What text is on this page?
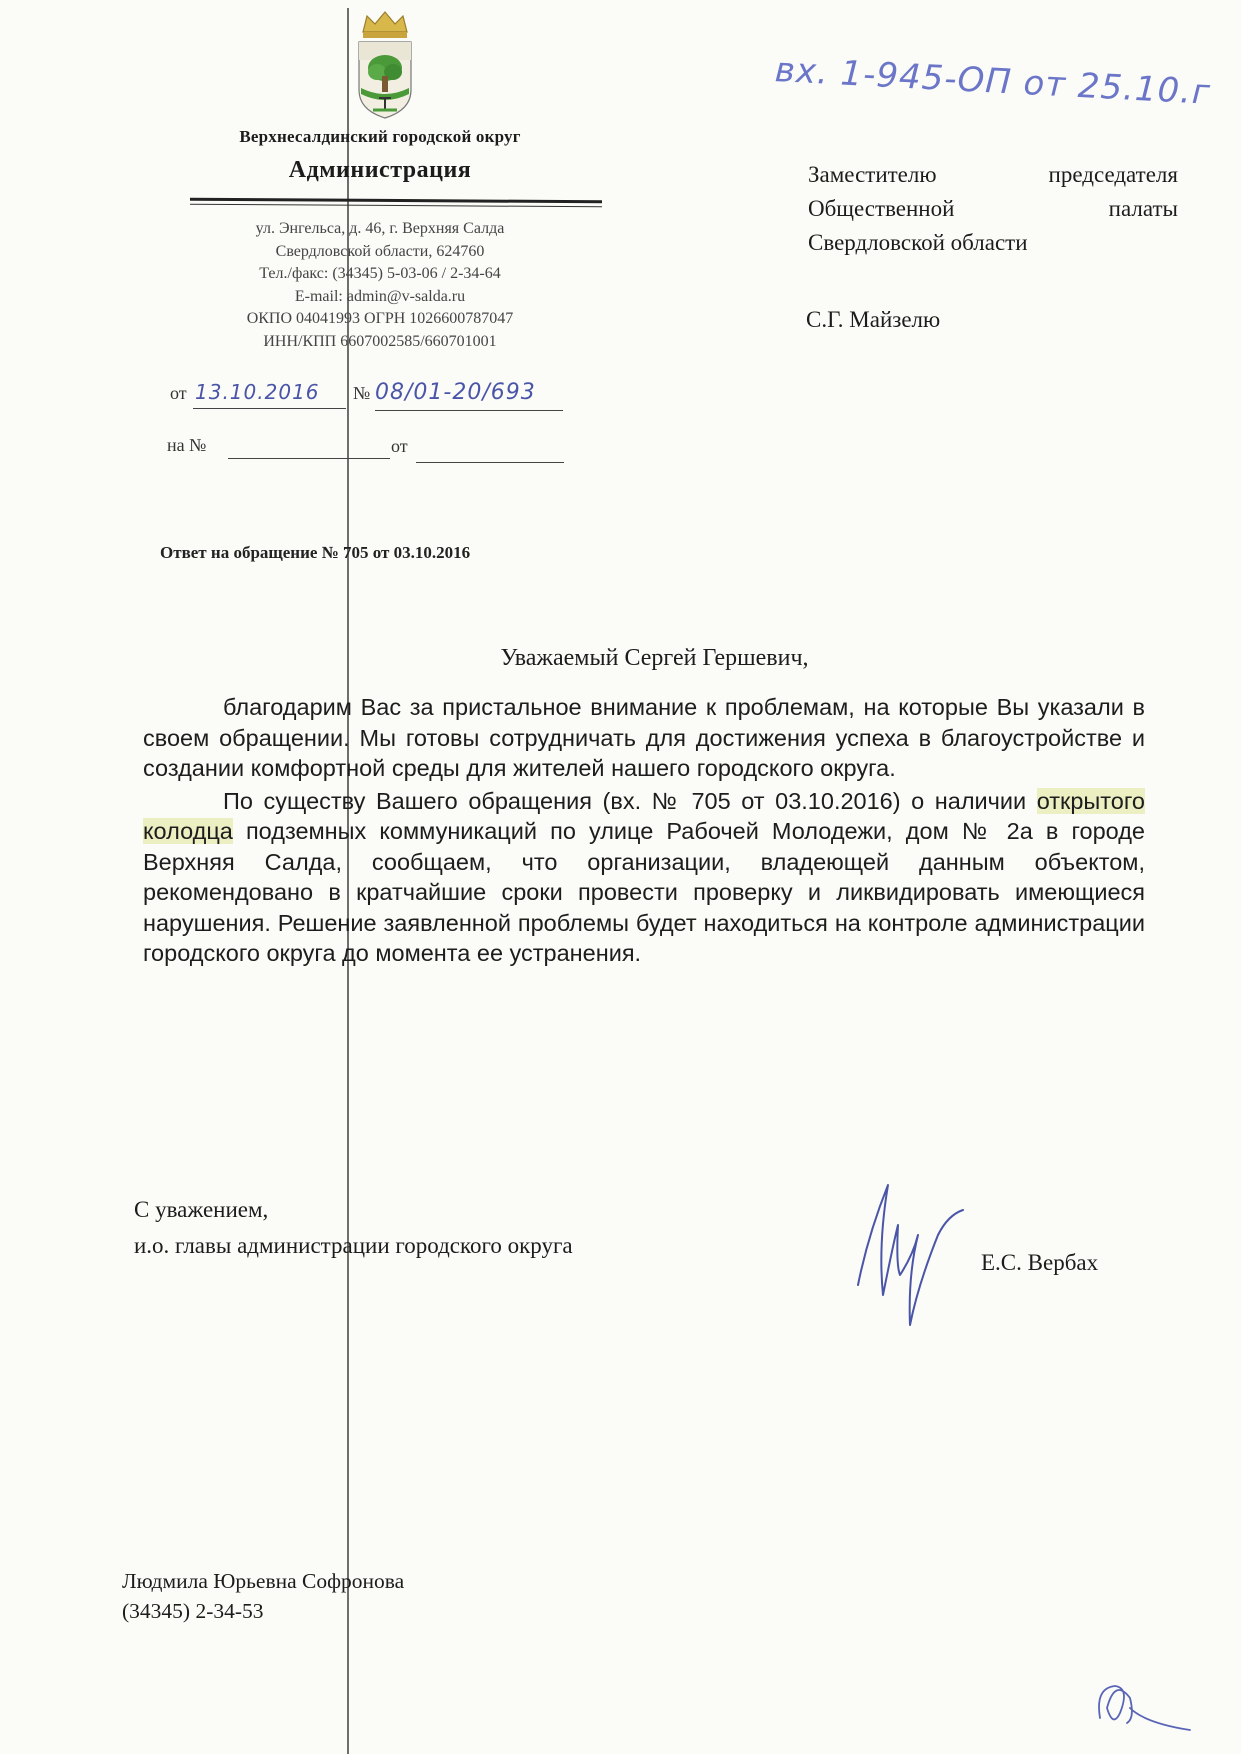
Верхнесалдинский городской округ
Администрация
ул. Энгельса, д. 46, г. Верхняя Салда
Свердловской области, 624760
Тел./факс: (34345) 5-03-06 / 2-34-64
E-mail: admin@v-salda.ru
ОКПО 04041993 ОГРН 1026600787047
ИНН/КПП 6607002585/660701001
от 13.10.2016 № 08/01-20/693
на №	от
Ответ на обращение № 705 от 03.10.2016
вх. 1-945-ОП от 25.10.г
Заместителю	председателя
Общественной	палаты
Свердловской области
С.Г. Майзелю
Уважаемый Сергей Гершевич,

благодарим Вас за пристальное внимание к проблемам, на которые Вы указали в своем обращении. Мы готовы сотрудничать для достижения успеха в благоустройстве и создании комфортной среды для жителей нашего городского округа.

По существу Вашего обращения (вх. № 705 от 03.10.2016) о наличии открытого колодца подземных коммуникаций по улице Рабочей Молодежи, дом № 2а в городе Верхняя Салда, сообщаем, что организации, владеющей данным объектом, рекомендовано в кратчайшие сроки провести проверку и ликвидировать имеющиеся нарушения. Решение заявленной проблемы будет находиться на контроле администрации городского округа до момента ее устранения.

С уважением,
и.о. главы администрации городского округа
Е.С. Вербах
Людмила Юрьевна Софронова
(34345) 2-34-53
